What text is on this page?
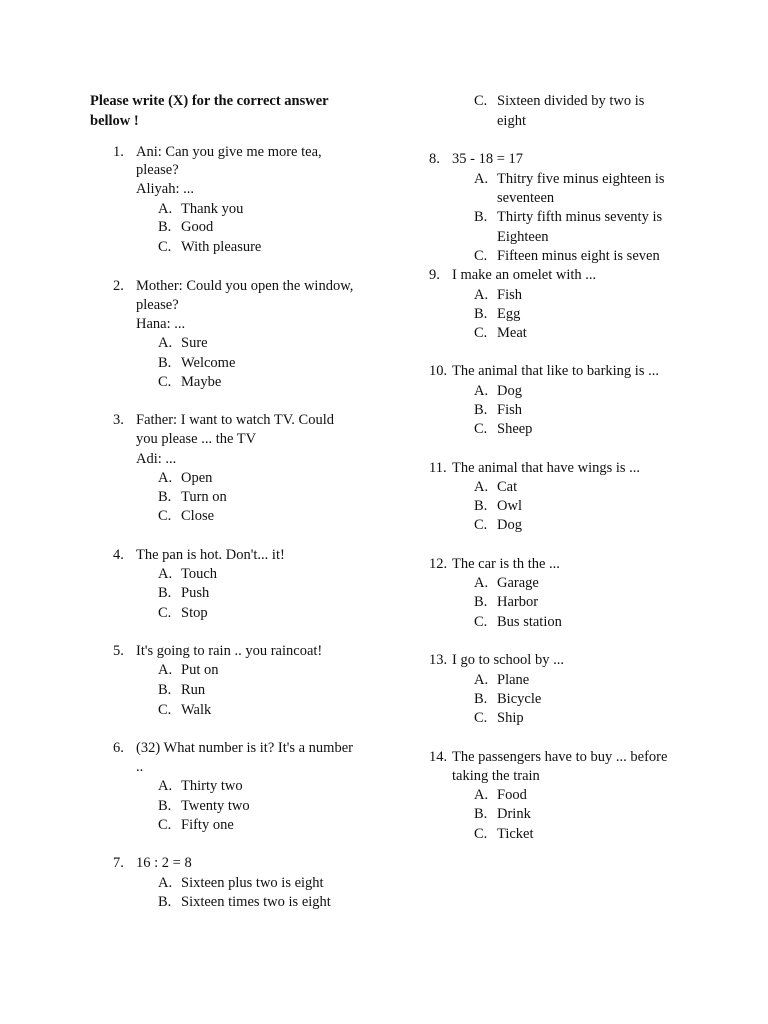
Please write (X) for the correct answer
bellow !
1. Ani: Can you give me more tea,
please?
Aliyah: ...
A. Thank you
B. Good
C. With pleasure
2. Mother: Could you open the window,
please?
Hana: ...
A. Sure
B. Welcome
C. Maybe
3. Father: I want to watch TV. Could
you please ... the TV
Adi: ...
A. Open
B. Turn on
C. Close
4. The pan is hot. Don't... it!
A. Touch
B. Push
C. Stop
5. It's going to rain .. you raincoat!
A. Put on
B. Run
C. Walk
6. (32) What number is it? It's a number
..
A. Thirty two
B. Twenty two
C. Fifty one
7. 16 : 2 = 8
A. Sixteen plus two is eight
B. Sixteen times two is eight
C. Sixteen divided by two is
eight
8. 35 - 18 = 17
A. Thitry five minus eighteen is
seventeen
B. Thirty fifth minus seventy is
Eighteen
C. Fifteen minus eight is seven
9. I make an omelet with ...
A. Fish
B. Egg
C. Meat
10. The animal that like to barking is ...
A. Dog
B. Fish
C. Sheep
11. The animal that have wings is ...
A. Cat
B. Owl
C. Dog
12. The car is th the ...
A. Garage
B. Harbor
C. Bus station
13. I go to school by ...
A. Plane
B. Bicycle
C. Ship
14. The passengers have to buy ... before
taking the train
A. Food
B. Drink
C. Ticket
